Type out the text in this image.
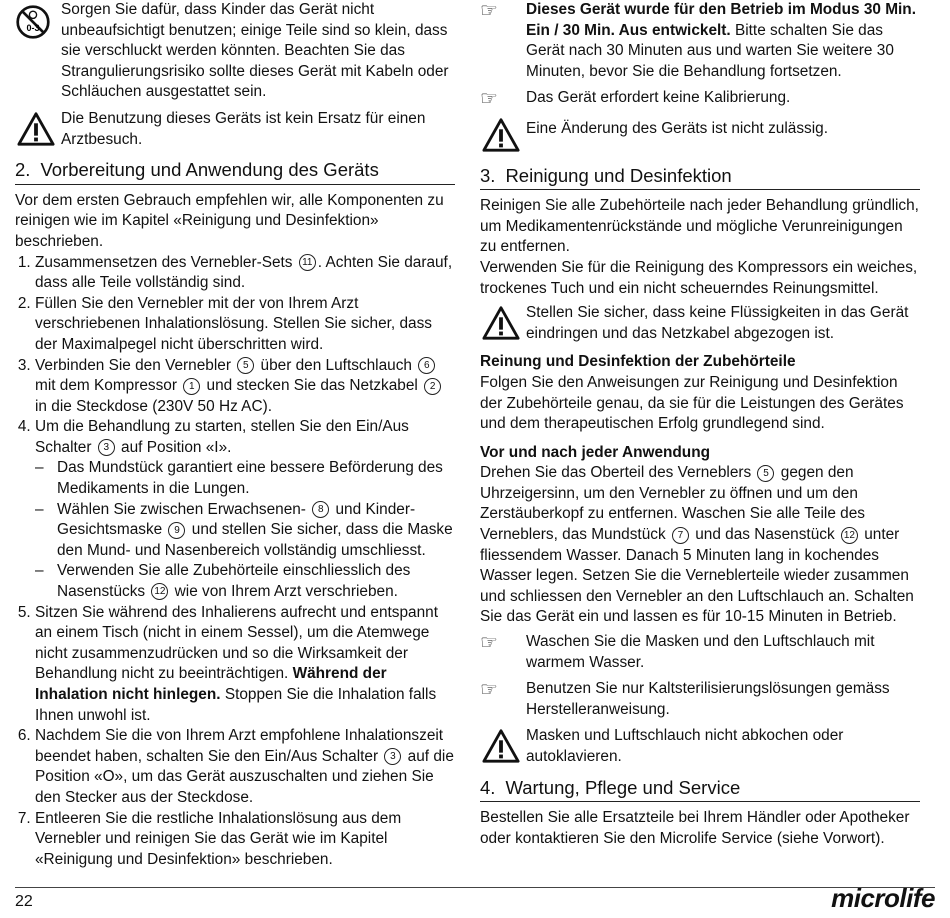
0-3

Sorgen Sie dafür, dass Kinder das Gerät nicht unbeaufsichtigt benutzen; einige Teile sind so klein, dass sie verschluckt werden könnten. Beachten Sie das Strangulierungsrisiko sollte dieses Gerät mit Kabeln oder Schläuchen ausgestattet sein.

Die Benutzung dieses Geräts ist kein Ersatz für einen Arztbesuch.

2. Vorbereitung und Anwendung des Geräts

Vor dem ersten Gebrauch empfehlen wir, alle Komponenten zu reinigen wie im Kapitel «Reinigung und Desinfektion» beschrieben.

1. Zusammensetzen des Vernebler-Sets 11 . Achten Sie darauf, dass alle Teile vollständig sind.
2. Füllen Sie den Vernebler mit der von Ihrem Arzt verschriebenen Inhalationslösung. Stellen Sie sicher, dass der Maximalpegel nicht überschritten wird.
3. Verbinden Sie den Vernebler 5 über den Luftschlauch 6 mit dem Kompressor 1 und stecken Sie das Netzkabel 2 in die Steckdose (230V 50 Hz AC).
4. Um die Behandlung zu starten, stellen Sie den Ein/Aus Schalter 3 auf Position «I».
– Das Mundstück garantiert eine bessere Beförderung des Medikaments in die Lungen.
– Wählen Sie zwischen Erwachsenen- 8 und Kinder-Gesichtsmaske 9 und stellen Sie sicher, dass die Maske den Mund- und Nasenbereich vollständig umschliesst.
– Verwenden Sie alle Zubehörteile einschliesslich des Nasenstücks 12 wie von Ihrem Arzt verschrieben.
5. Sitzen Sie während des Inhalierens aufrecht und entspannt an einem Tisch (nicht in einem Sessel), um die Atemwege nicht zusammenzudrücken und so die Wirksamkeit der Behandlung nicht zu beeinträchtigen. Während der Inhalation nicht hinlegen. Stoppen Sie die Inhalation falls Ihnen unwohl ist.
6. Nachdem Sie die von Ihrem Arzt empfohlene Inhalationszeit beendet haben, schalten Sie den Ein/Aus Schalter 3 auf die Position «O», um das Gerät auszuschalten und ziehen Sie den Stecker aus der Steckdose.
7. Entleeren Sie die restliche Inhalationslösung aus dem Vernebler und reinigen Sie das Gerät wie im Kapitel «Reinigung und Desinfektion» beschrieben.
☞ Dieses Gerät wurde für den Betrieb im Modus 30 Min. Ein / 30 Min. Aus entwickelt. Bitte schalten Sie das Gerät nach 30 Minuten aus und warten Sie weitere 30 Minuten, bevor Sie die Behandlung fortsetzen.

☞ Das Gerät erfordert keine Kalibrierung.

Eine Änderung des Geräts ist nicht zulässig.

3. Reinigung und Desinfektion

Reinigen Sie alle Zubehörteile nach jeder Behandlung gründlich, um Medikamentenrückstände und mögliche Verunreinigungen zu entfernen.

Verwenden Sie für die Reinigung des Kompressors ein weiches, trockenes Tuch und ein nicht scheuerndes Reinungsmittel.

Stellen Sie sicher, dass keine Flüssigkeiten in das Gerät eindringen und das Netzkabel abgezogen ist.

Reinung und Desinfektion der Zubehörteile

Folgen Sie den Anweisungen zur Reinigung und Desinfektion der Zubehörteile genau, da sie für die Leistungen des Gerätes und dem therapeutischen Erfolg grundlegend sind.

Vor und nach jeder Anwendung

Drehen Sie das Oberteil des Verneblers 5 gegen den Uhrzeigersinn, um den Vernebler zu öffnen und um den Zerstäuberkopf zu entfernen. Waschen Sie alle Teile des Verneblers, das Mundstück 7 und das Nasenstück 12 unter fliessendem Wasser. Danach 5 Minuten lang in kochendes Wasser legen. Setzen Sie die Verneblerteile wieder zusammen und schliessen den Vernebler an den Luftschlauch an. Schalten Sie das Gerät ein und lassen es für 10-15 Minuten in Betrieb.

☞ Waschen Sie die Masken und den Luftschlauch mit warmem Wasser.

☞ Benutzen Sie nur Kaltsterilisierungslösungen gemäss Herstelleranweisung.

Masken und Luftschlauch nicht abkochen oder autoklavieren.

4. Wartung, Pflege und Service

Bestellen Sie alle Ersatzteile bei Ihrem Händler oder Apotheker oder kontaktieren Sie den Microlife Service (siehe Vorwort).

22	microlife
